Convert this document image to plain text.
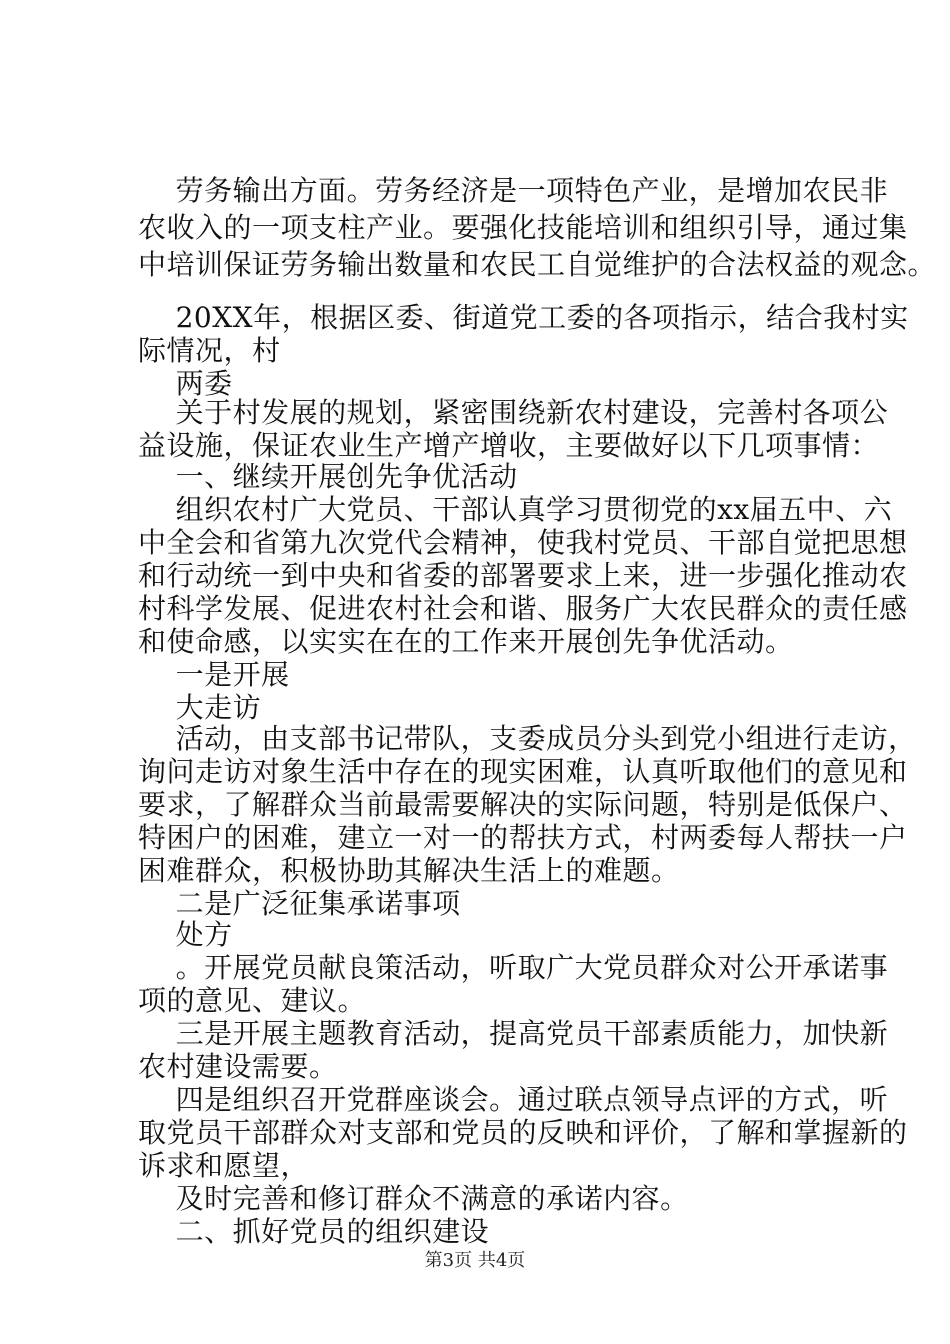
劳务输出方面。劳务经济是一项特色产业，是增加农民非
农收入的一项支柱产业。要强化技能培训和组织引导，通过集
中培训保证劳务输出数量和农民工自觉维护的合法权益的观念。
20XX年，根据区委、街道党工委的各项指示，结合我村实
际情况，村
两委
关于村发展的规划，紧密围绕新农村建设，完善村各项公
益设施，保证农业生产增产增收，主要做好以下几项事情：
一、继续开展创先争优活动
组织农村广大党员、干部认真学习贯彻党的xx届五中、六
中全会和省第九次党代会精神，使我村党员、干部自觉把思想
和行动统一到中央和省委的部署要求上来，进一步强化推动农
村科学发展、促进农村社会和谐、服务广大农民群众的责任感
和使命感，以实实在在的工作来开展创先争优活动。
一是开展
大走访
活动，由支部书记带队，支委成员分头到党小组进行走访，
询问走访对象生活中存在的现实困难，认真听取他们的意见和
要求，了解群众当前最需要解决的实际问题，特别是低保户、
特困户的困难，建立一对一的帮扶方式，村两委每人帮扶一户
困难群众，积极协助其解决生活上的难题。
二是广泛征集承诺事项
处方
。开展党员献良策活动，听取广大党员群众对公开承诺事
项的意见、建议。
三是开展主题教育活动，提高党员干部素质能力，加快新
农村建设需要。
四是组织召开党群座谈会。通过联点领导点评的方式，听
取党员干部群众对支部和党员的反映和评价，了解和掌握新的
诉求和愿望，
及时完善和修订群众不满意的承诺内容。
二、抓好党员的组织建设
第3页 共4页
